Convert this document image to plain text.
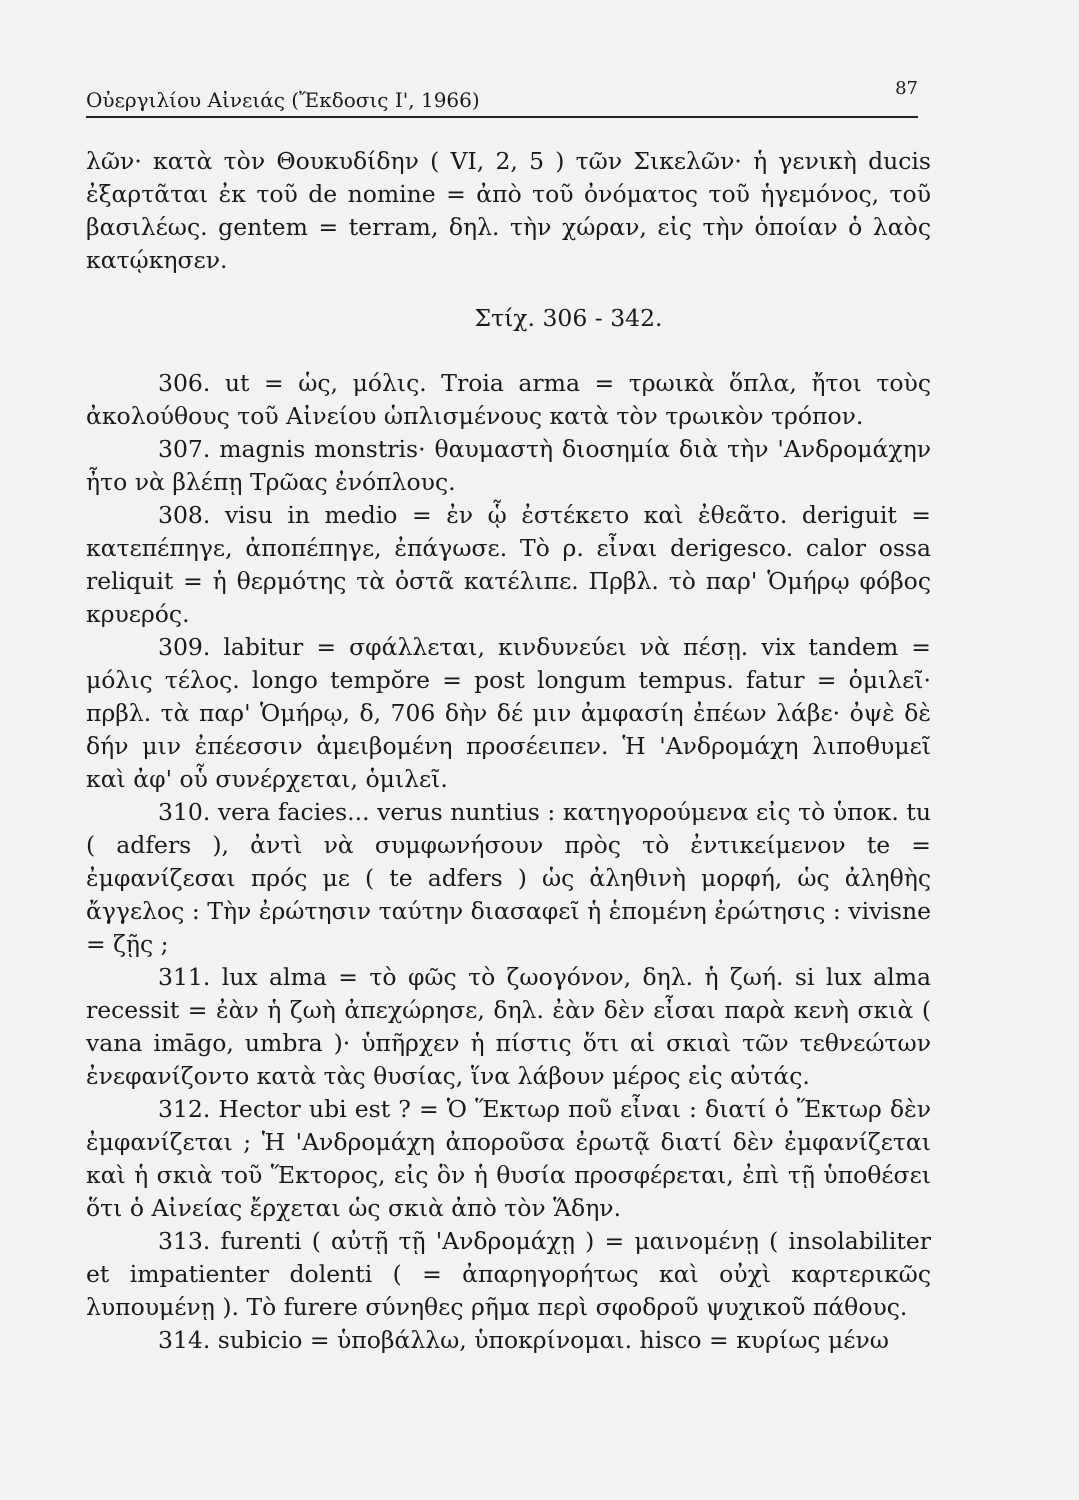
Οὐεργιλίου Αἰνειάς (Ἔκδοσις Ι', 1966)	87

λῶν· κατὰ τὸν Θουκυδίδην ( VI, 2, 5 ) τῶν Σικελῶν· ἡ γενικὴ ducis ἐξαρτᾶται ἐκ τοῦ de nomine = ἀπὸ τοῦ ὀνόματος τοῦ ἡγεμόνος, τοῦ βασιλέως. gentem = terram, δηλ. τὴν χώραν, εἰς τὴν ὁποίαν ὁ λαὸς κατῴκησεν.

Στίχ. 306 - 342.

306. ut = ὡς, μόλις. Troia arma = τρωικὰ ὅπλα, ἤτοι τοὺς ἀκολούθους τοῦ Αἰνείου ὡπλισμένους κατὰ τὸν τρωικὸν τρόπον.

307. magnis monstris· θαυμαστὴ διοσημία διὰ τὴν 'Ανδρομάχην ἦτο νὰ βλέπῃ Τρῶας ἐνόπλους.

308. visu in medio = ἐν ᾧ ἐστέκετο καὶ ἐθεᾶτο. deriguit = κατεπέπηγε, ἀποπέπηγε, ἐπάγωσε. Τὸ ρ. εἶναι derigesco. calor ossa reliquit = ἡ θερμότης τὰ ὀστᾶ κατέλιπε. Πρβλ. τὸ παρ' Ὁμήρῳ φόβος κρυερός.

309. labitur = σφάλλεται, κινδυνεύει νὰ πέσῃ. vix tandem = μόλις τέλος. longo tempŏre = post longum tempus. fatur = ὁμιλεῖ· πρβλ. τὰ παρ' Ὁμήρῳ, δ, 706 δὴν δέ μιν ἀμφασίη ἐπέων λάβε· ὀψὲ δὲ δήν μιν ἐπέεσσιν ἀμειβομένη προσέειπεν. Ἡ 'Ανδρομάχη λιποθυμεῖ καὶ ἀφ' οὗ συνέρχεται, ὁμιλεῖ.

310. vera facies... verus nuntius : κατηγορούμενα εἰς τὸ ὑποκ. tu ( adfers ), ἀντὶ νὰ συμφωνήσουν πρὸς τὸ ἐντικείμενον te = ἐμφανίζεσαι πρός με ( te adfers ) ὡς ἀληθινὴ μορφή, ὡς ἀληθὴς ἄγγελος : Τὴν ἐρώτησιν ταύτην διασαφεῖ ἡ ἑπομένη ἐρώτησις : vivisne = ζῇς ;

311. lux alma = τὸ φῶς τὸ ζωογόνον, δηλ. ἡ ζωή. si lux alma recessit = ἐὰν ἡ ζωὴ ἀπεχώρησε, δηλ. ἐὰν δὲν εἶσαι παρὰ κενὴ σκιὰ ( vana imāgo, umbra )· ὑπῆρχεν ἡ πίστις ὅτι αἱ σκιαὶ τῶν τεθνεώτων ἐνεφανίζοντο κατὰ τὰς θυσίας, ἵνα λάβουν μέρος εἰς αὐτάς.

312. Hector ubi est ? = Ὁ Ἕκτωρ ποῦ εἶναι : διατί ὁ Ἕκτωρ δὲν ἐμφανίζεται ; Ἡ 'Ανδρομάχη ἀποροῦσα ἐρωτᾷ διατί δὲν ἐμφανίζεται καὶ ἡ σκιὰ τοῦ Ἕκτορος, εἰς ὃν ἡ θυσία προσφέρεται, ἐπὶ τῇ ὑποθέσει ὅτι ὁ Αἰνείας ἔρχεται ὡς σκιὰ ἀπὸ τὸν Ἅδην.

313. furenti ( αὐτῇ τῇ 'Ανδρομάχῃ ) = μαινομένῃ ( insolabiliter et impatienter dolenti ( = ἀπαρηγορήτως καὶ οὐχὶ καρτερικῶς λυπουμένῃ ). Τὸ furere σύνηθες ρῆμα περὶ σφοδροῦ ψυχικοῦ πάθους.

314. subicio = ὑποβάλλω, ὑποκρίνομαι. hisco = κυρίως μένω
